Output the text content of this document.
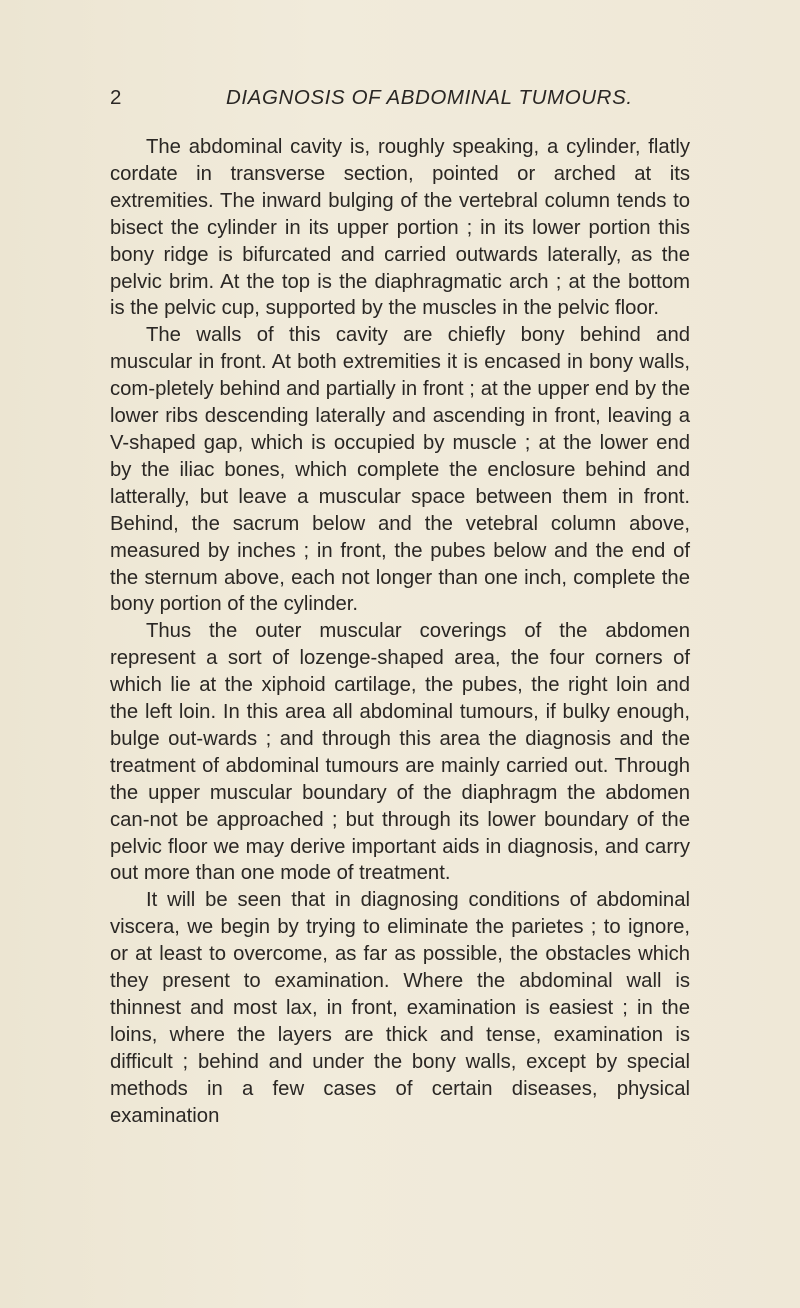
2	DIAGNOSIS OF ABDOMINAL TUMOURS.

The abdominal cavity is, roughly speaking, a cylinder, flatly cordate in transverse section, pointed or arched at its extremities. The inward bulging of the vertebral column tends to bisect the cylinder in its upper portion ; in its lower portion this bony ridge is bifurcated and carried outwards laterally, as the pelvic brim. At the top is the diaphragmatic arch ; at the bottom is the pelvic cup, supported by the muscles in the pelvic floor.

The walls of this cavity are chiefly bony behind and muscular in front. At both extremities it is encased in bony walls, com-pletely behind and partially in front ; at the upper end by the lower ribs descending laterally and ascending in front, leaving a V-shaped gap, which is occupied by muscle ; at the lower end by the iliac bones, which complete the enclosure behind and latterally, but leave a muscular space between them in front. Behind, the sacrum below and the vetebral column above, measured by inches ; in front, the pubes below and the end of the sternum above, each not longer than one inch, complete the bony portion of the cylinder.

Thus the outer muscular coverings of the abdomen represent a sort of lozenge-shaped area, the four corners of which lie at the xiphoid cartilage, the pubes, the right loin and the left loin. In this area all abdominal tumours, if bulky enough, bulge out-wards ; and through this area the diagnosis and the treatment of abdominal tumours are mainly carried out. Through the upper muscular boundary of the diaphragm the abdomen can-not be approached ; but through its lower boundary of the pelvic floor we may derive important aids in diagnosis, and carry out more than one mode of treatment.

It will be seen that in diagnosing conditions of abdominal viscera, we begin by trying to eliminate the parietes ; to ignore, or at least to overcome, as far as possible, the obstacles which they present to examination. Where the abdominal wall is thinnest and most lax, in front, examination is easiest ; in the loins, where the layers are thick and tense, examination is difficult ; behind and under the bony walls, except by special methods in a few cases of certain diseases, physical examination
